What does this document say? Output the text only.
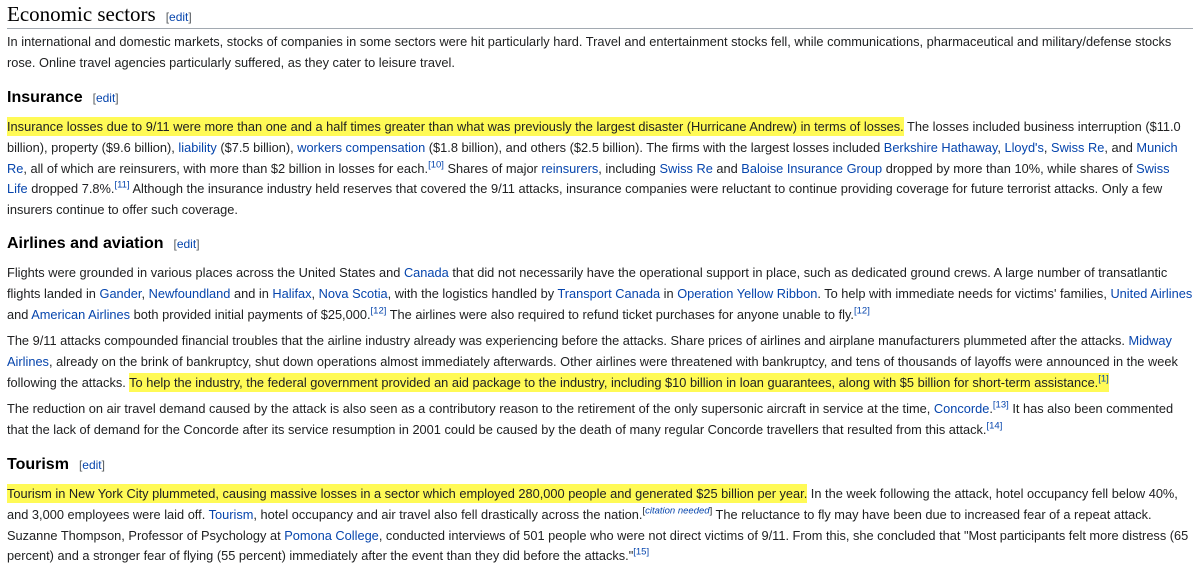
Economic sectors [edit]
In international and domestic markets, stocks of companies in some sectors were hit particularly hard. Travel and entertainment stocks fell, while communications, pharmaceutical and military/defense stocks rose. Online travel agencies particularly suffered, as they cater to leisure travel.
Insurance [edit]
Insurance losses due to 9/11 were more than one and a half times greater than what was previously the largest disaster (Hurricane Andrew) in terms of losses. The losses included business interruption ($11.0 billion), property ($9.6 billion), liability ($7.5 billion), workers compensation ($1.8 billion), and others ($2.5 billion). The firms with the largest losses included Berkshire Hathaway, Lloyd's, Swiss Re, and Munich Re, all of which are reinsurers, with more than $2 billion in losses for each.[10] Shares of major reinsurers, including Swiss Re and Baloise Insurance Group dropped by more than 10%, while shares of Swiss Life dropped 7.8%.[11] Although the insurance industry held reserves that covered the 9/11 attacks, insurance companies were reluctant to continue providing coverage for future terrorist attacks. Only a few insurers continue to offer such coverage.
Airlines and aviation [edit]
Flights were grounded in various places across the United States and Canada that did not necessarily have the operational support in place, such as dedicated ground crews. A large number of transatlantic flights landed in Gander, Newfoundland and in Halifax, Nova Scotia, with the logistics handled by Transport Canada in Operation Yellow Ribbon. To help with immediate needs for victims' families, United Airlines and American Airlines both provided initial payments of $25,000.[12] The airlines were also required to refund ticket purchases for anyone unable to fly.[12]
The 9/11 attacks compounded financial troubles that the airline industry already was experiencing before the attacks. Share prices of airlines and airplane manufacturers plummeted after the attacks. Midway Airlines, already on the brink of bankruptcy, shut down operations almost immediately afterwards. Other airlines were threatened with bankruptcy, and tens of thousands of layoffs were announced in the week following the attacks. To help the industry, the federal government provided an aid package to the industry, including $10 billion in loan guarantees, along with $5 billion for short-term assistance.[1]
The reduction on air travel demand caused by the attack is also seen as a contributory reason to the retirement of the only supersonic aircraft in service at the time, Concorde.[13] It has also been commented that the lack of demand for the Concorde after its service resumption in 2001 could be caused by the death of many regular Concorde travellers that resulted from this attack.[14]
Tourism [edit]
Tourism in New York City plummeted, causing massive losses in a sector which employed 280,000 people and generated $25 billion per year. In the week following the attack, hotel occupancy fell below 40%, and 3,000 employees were laid off. Tourism, hotel occupancy and air travel also fell drastically across the nation.[citation needed] The reluctance to fly may have been due to increased fear of a repeat attack. Suzanne Thompson, Professor of Psychology at Pomona College, conducted interviews of 501 people who were not direct victims of 9/11. From this, she concluded that "Most participants felt more distress (65 percent) and a stronger fear of flying (55 percent) immediately after the event than they did before the attacks."[15]
